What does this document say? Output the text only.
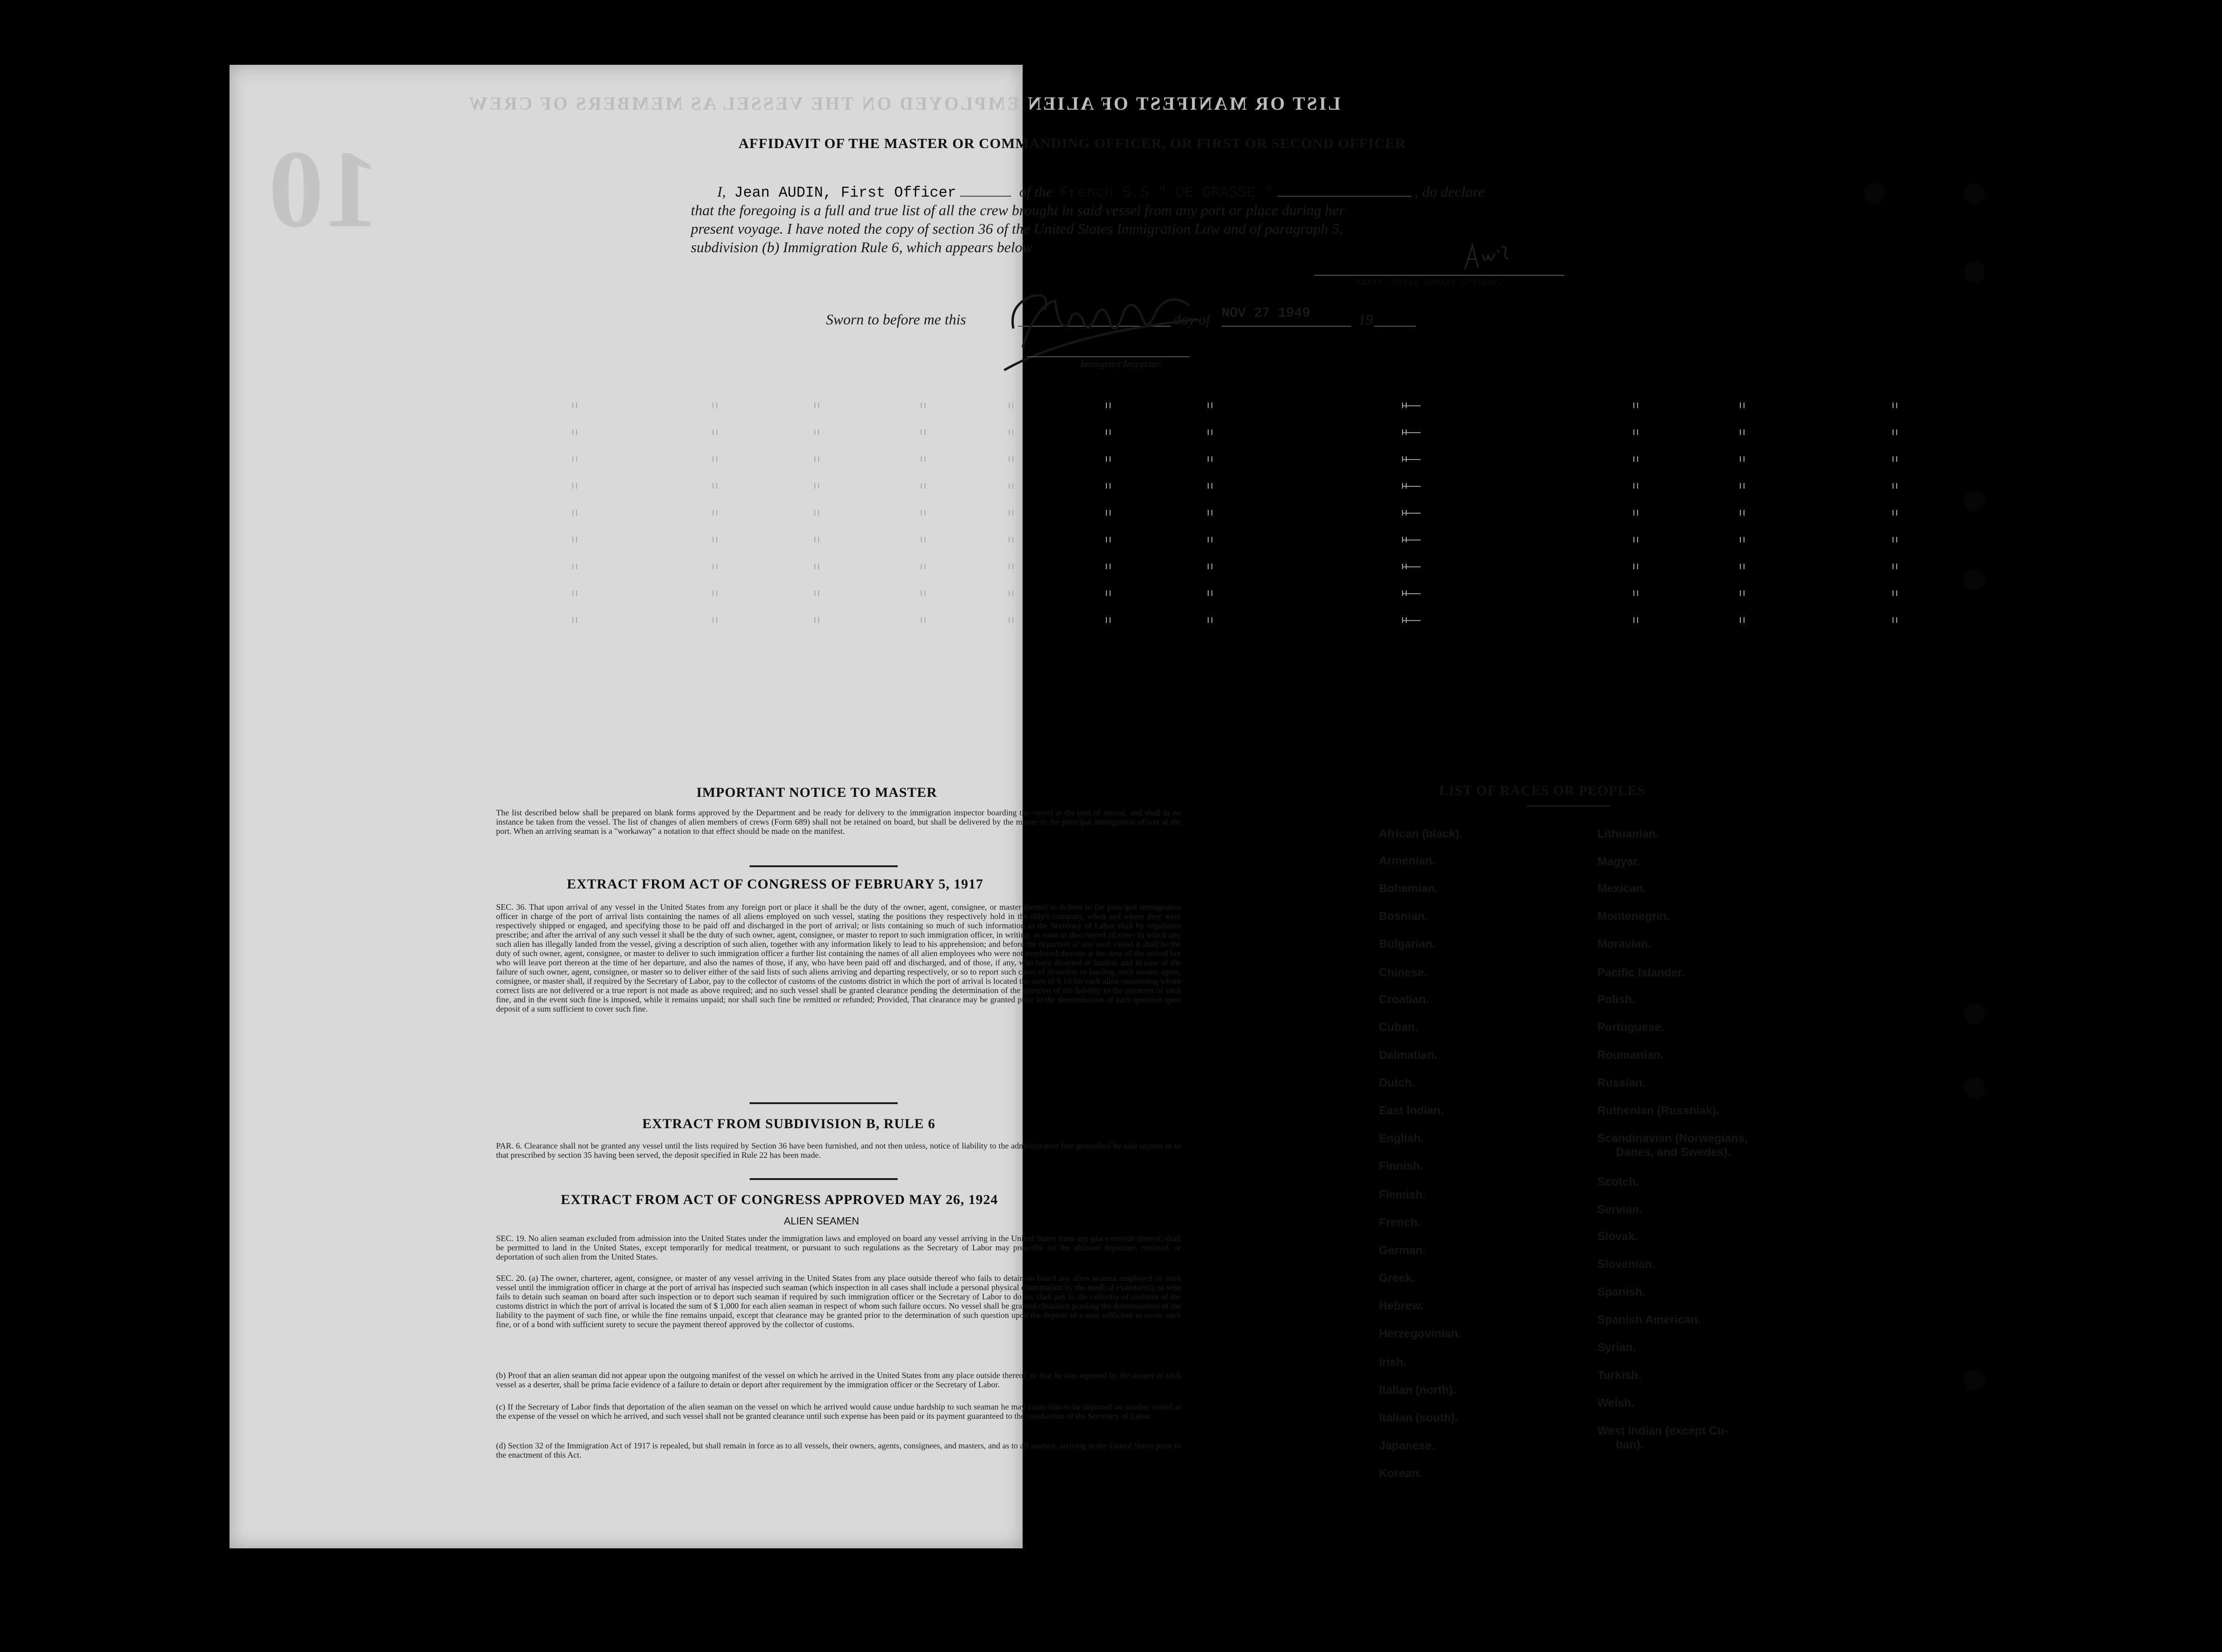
LIST OR MANIFEST OF ALIEN EMPLOYED ON THE VESSEL AS MEMBERS OF CREW
10	AFFIDAVIT OF THE MASTER OR COMMANDING OFFICER, OR FIRST OR SECOND OFFICER
I, Jean AUDIN, First Officer	of the French S.S " DE GRASSE "	, do declare
that the foregoing is a full and true list of all the crew brought in said vessel from any port or place during her
present voyage. I have noted the copy of section 36 of the United States Immigration Law and of paragraph 5,
subdivision (b) Immigration Rule 6, which appears below
XXXXX. First XXXXXX Officer.
Sworn to before me this	day of NOV 27 1949	19
Immigrant Inspector.
IMPORTANT NOTICE TO MASTER
The list described below shall be prepared on blank forms approved by the Department and be ready for delivery to the immigration inspector boarding the vessel at the port of arrival, and shall in no instance be taken from the vessel. The list of changes of alien members of crews (Form 689) shall not be retained on board, but shall be delivered by the master to the principal immigration officer at the port. When an arriving seaman is a "workaway" a notation to that effect should be made on the manifest.
EXTRACT FROM ACT OF CONGRESS OF FEBRUARY 5, 1917
SEC. 36. That upon arrival of any vessel in the United States from any foreign port or place it shall be the duty of the owner, agent, consignee, or master thereof to deliver to the principal immigration officer in charge of the port of arrival lists containing the names of all aliens employed on such vessel, stating the positions they respectively hold in the ship's company, when and where they were respectively shipped or engaged, and specifying those to be paid off and discharged in the port of arrival; or lists containing so much of such information as the Secretary of Labor shall by regulation prescribe; and after the arrival of any such vessel it shall be the duty of such owner, agent, consignee, or master to report to such immigration officer, in writing, as soon as discovered all cases in which any such alien has illegally landed from the vessel, giving a description of such alien, together with any information likely to lead to his apprehension; and before the departure of any such vessel it shall be the duty of such owner, agent, consignee, or master to deliver to such immigration officer a further list containing the names of all alien employees who were not employed thereon at the time of the arrival but who will leave port thereon at the time of her departure, and also the names of those, if any, who have been paid off and discharged, and of those, if any, who have deserted or landed; and in case of the failure of such owner, agent, consignee, or master so to deliver either of the said lists of such aliens arriving and departing respectively, or so to report such cases of desertion or landing, such owner, agent, consignee, or master shall, if required by the Secretary of Labor, pay to the collector of customs of the customs district in which the port of arrival is located the sum of $ 10 for each alien concerning whom correct lists are not delivered or a true report is not made as above required; and no such vessel shall be granted clearance pending the determination of the question of the liability to the payment of such fine, and in the event such fine is imposed, while it remains unpaid; nor shall such fine be remitted or refunded; Provided, That clearance may be granted prior to the determination of such question upon deposit of a sum sufficient to cover such fine.
EXTRACT FROM SUBDIVISION B, RULE 6
PAR. 6. Clearance shall not be granted any vessel until the lists required by Section 36 have been furnished, and not then unless, notice of liability to the administrative fine prescribed by said section or to that prescribed by section 35 having been served, the deposit specified in Rule 22 has been made.
EXTRACT FROM ACT OF CONGRESS APPROVED MAY 26, 1924
ALIEN SEAMEN
SEC. 19. No alien seaman excluded from admission into the United States under the immigration laws and employed on board any vessel arriving in the United States from any place outside thereof, shall be permitted to land in the United States, except temporarily for medical treatment, or pursuant to such regulations as the Secretary of Labor may prescribe for the ultimate departure, removal, or deportation of such alien from the United States.
SEC. 20. (a) The owner, charterer, agent, consignee, or master of any vessel arriving in the United States from any place outside thereof who fails to detain on board any alien seaman employed on such vessel until the immigration officer in charge at the port of arrival has inspected such seaman (which inspection in all cases shall include a personal physical examination by the medical examiners), or who fails to detain such seaman on board after such inspection or to deport such seaman if required by such immigration officer or the Secretary of Labor to do so, shall pay to the collector of customs of the customs district in which the port of arrival is located the sum of $ 1,000 for each alien seaman in respect of whom such failure occurs. No vessel shall be granted clearance pending the determination of the liability to the payment of such fine, or while the fine remains unpaid, except that clearance may be granted prior to the determination of such question upon the deposit of a sum sufficient to cover such fine, or of a bond with sufficient surety to secure the payment thereof approved by the collector of customs.
(b) Proof that an alien seaman did not appear upon the outgoing manifest of the vessel on which he arrived in the United States from any place outside thereof, or that he was reported by the master of such vessel as a deserter, shall be prima facie evidence of a failure to detain or deport after requirement by the immigration officer or the Secretary of Labor.
(c) If the Secretary of Labor finds that deportation of the alien seaman on the vessel on which he arrived would cause undue hardship to such seaman he may cause him to be deported on another vessel at the expense of the vessel on which he arrived, and such vessel shall not be granted clearance until such expense has been paid or its payment guaranteed to the satisfaction of the Secretary of Labor.
(d) Section 32 of the Immigration Act of 1917 is repealed, but shall remain in force as to all vessels, their owners, agents, consignees, and masters, and as to all seamen, arriving in the United States prior to the enactment of this Act.
LIST OF RACES OR PEOPLES
African (black).
Armenian.
Bohemian.
Bosnian.
Bulgarian.
Chinese.
Croatian.
Cuban.
Dalmatian.
Dutch.
East Indian.
English.
Finnish.
Flemish.
French.
German.
Greek.
Hebrew.
Herzegovinian.
Irish.
Italian (north).
Italian (south).
Japanese.
Korean.
Lithuanian.
Magyar.
Mexican.
Montenegrin.
Moravian.
Pacific Islander.
Polish.
Portuguese.
Roumanian.
Russian.
Ruthenian (Russniak).
Scandinavian (Norwegians,
Danes, and Swedes).
Scotch.
Servian.
Slovak.
Slovenian.
Spanish.
Spanish American.
Syrian.
Turkish.
Welsh.
West Indian (except Cu-
ban).
